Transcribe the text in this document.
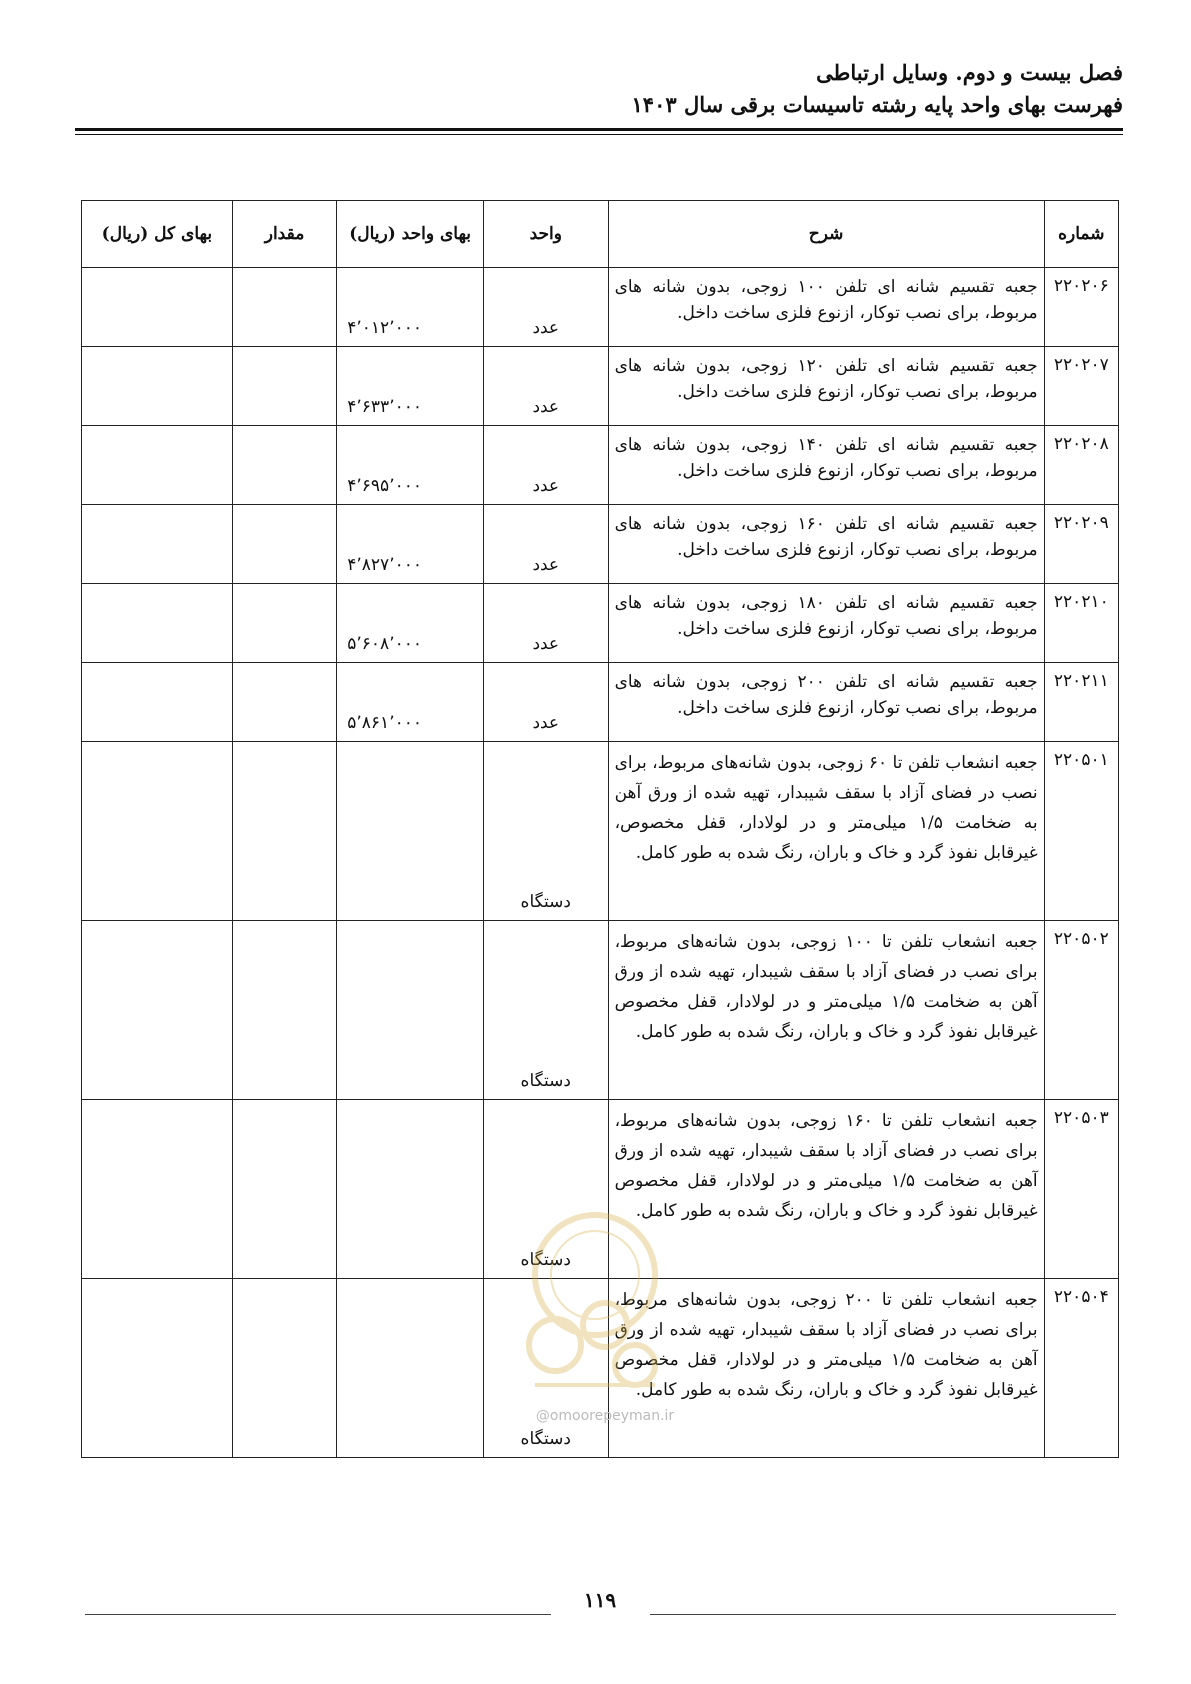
فصل بیست و دوم. وسایل ارتباطی
فهرست بهای واحد پایه رشته تاسیسات برقی سال ۱۴۰۳
شماره	شرح	واحد	بهای واحد (ریال)	مقدار	بهای کل (ریال)
۲۲۰۲۰۶	جعبه تقسیم شانه ای تلفن ۱۰۰ زوجی، بدون شانه های مربوط، برای نصب توکار، ازنوع فلزی ساخت داخل.	عدد	۴٬۰۱۲٬۰۰۰		
۲۲۰۲۰۷	جعبه تقسیم شانه ای تلفن ۱۲۰ زوجی، بدون شانه های مربوط، برای نصب توکار، ازنوع فلزی ساخت داخل.	عدد	۴٬۶۳۳٬۰۰۰		
۲۲۰۲۰۸	جعبه تقسیم شانه ای تلفن ۱۴۰ زوجی، بدون شانه های مربوط، برای نصب توکار، ازنوع فلزی ساخت داخل.	عدد	۴٬۶۹۵٬۰۰۰		
۲۲۰۲۰۹	جعبه تقسیم شانه ای تلفن ۱۶۰ زوجی، بدون شانه های مربوط، برای نصب توکار، ازنوع فلزی ساخت داخل.	عدد	۴٬۸۲۷٬۰۰۰		
۲۲۰۲۱۰	جعبه تقسیم شانه ای تلفن ۱۸۰ زوجی، بدون شانه های مربوط، برای نصب توکار، ازنوع فلزی ساخت داخل.	عدد	۵٬۶۰۸٬۰۰۰		
۲۲۰۲۱۱	جعبه تقسیم شانه ای تلفن ۲۰۰ زوجی، بدون شانه های مربوط، برای نصب توکار، ازنوع فلزی ساخت داخل.	عدد	۵٬۸۶۱٬۰۰۰		
۲۲۰۵۰۱	جعبه انشعاب تلفن تا ۶۰ زوجی، بدون شانه‌های مربوط، برای نصب در فضای آزاد با سقف شیبدار، تهیه شده از ورق آهن به ضخامت ۱/۵ میلی‌متر و در لولادار، قفل مخصوص، غیرقابل نفوذ گرد و خاک و باران، رنگ شده به طور کامل.	دستگاه			
۲۲۰۵۰۲	جعبه انشعاب تلفن تا ۱۰۰ زوجی، بدون شانه‌های مربوط، برای نصب در فضای آزاد با سقف شیبدار، تهیه شده از ورق آهن به ضخامت ۱/۵ میلی‌متر و در لولادار، قفل مخصوص غیرقابل نفوذ گرد و خاک و باران، رنگ شده به طور کامل.	دستگاه			
۲۲۰۵۰۳	جعبه انشعاب تلفن تا ۱۶۰ زوجی، بدون شانه‌های مربوط، برای نصب در فضای آزاد با سقف شیبدار، تهیه شده از ورق آهن به ضخامت ۱/۵ میلی‌متر و در لولادار، قفل مخصوص غیرقابل نفوذ گرد و خاک و باران، رنگ شده به طور کامل.	دستگاه			
۲۲۰۵۰۴	جعبه انشعاب تلفن تا ۲۰۰ زوجی، بدون شانه‌های مربوط، برای نصب در فضای آزاد با سقف شیبدار، تهیه شده از ورق آهن به ضخامت ۱/۵ میلی‌متر و در لولادار، قفل مخصوص غیرقابل نفوذ گرد و خاک و باران، رنگ شده به طور کامل.	دستگاه			
@omoorepeyman.ir
۱۱۹
